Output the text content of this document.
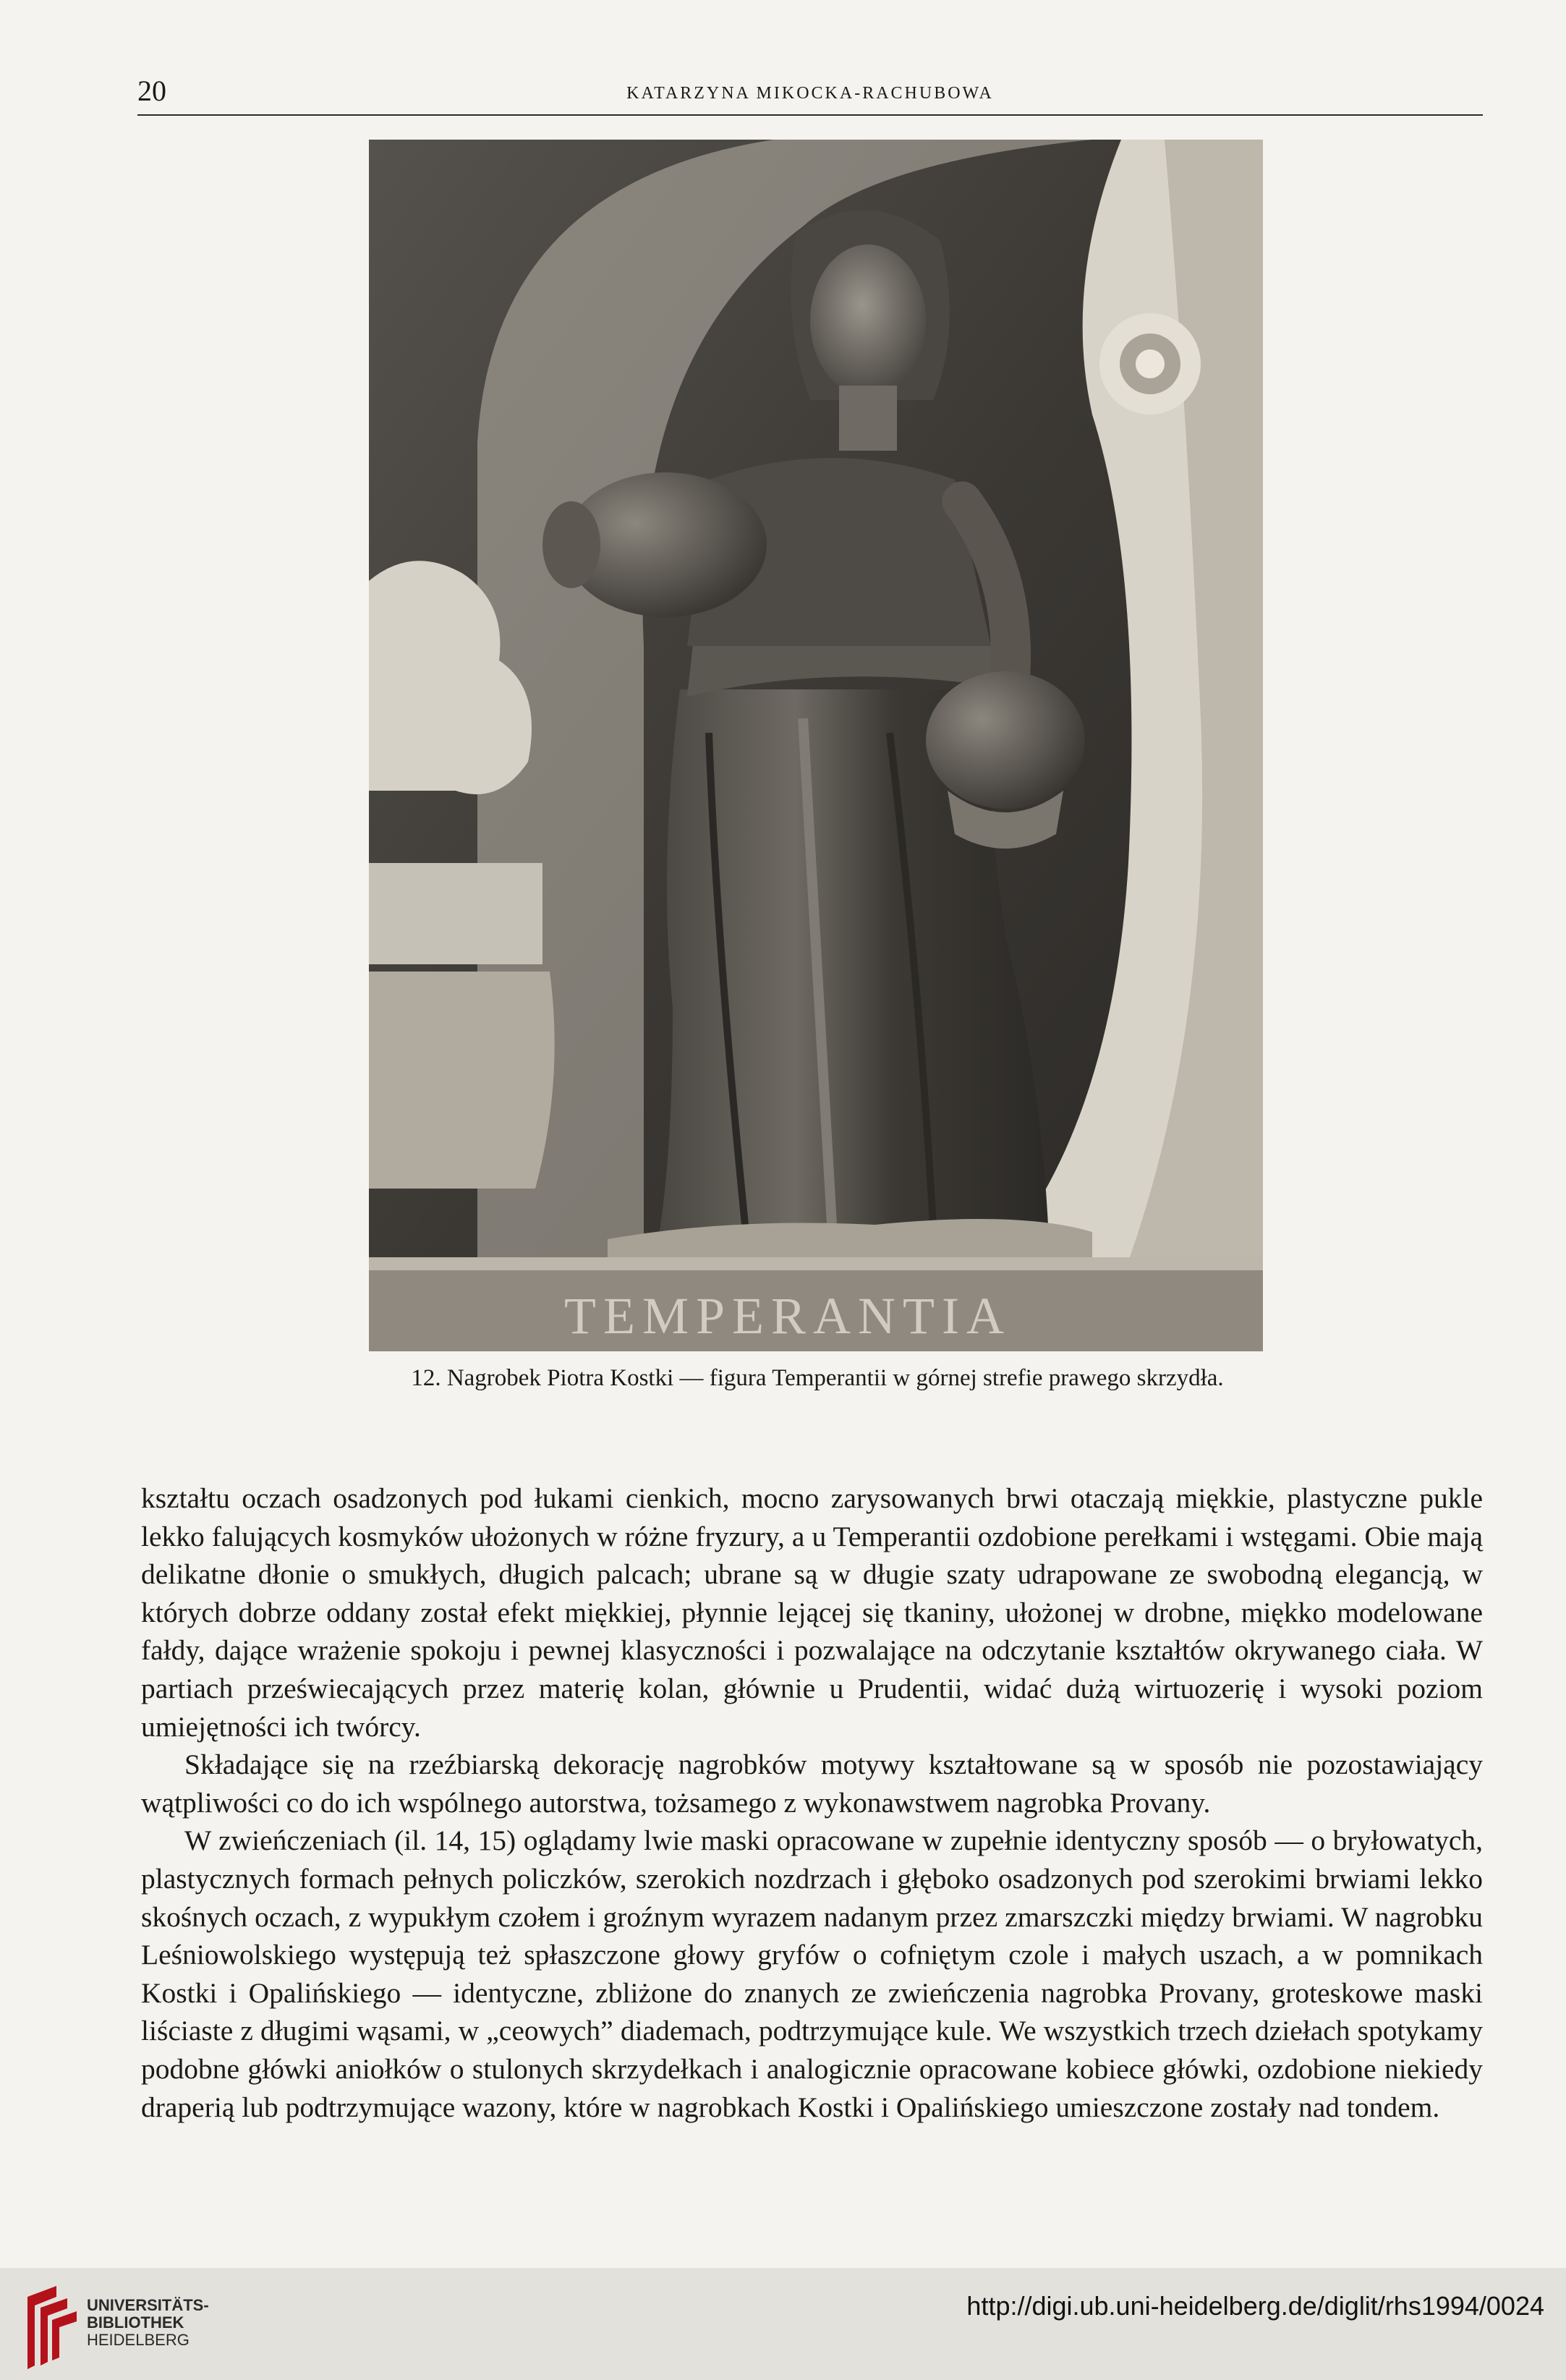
20	KATARZYNA MIKOCKA-RACHUBOWA
TEMPERANTIA
12. Nagrobek Piotra Kostki — figura Temperantii w górnej strefie prawego skrzydła.

kształtu oczach osadzonych pod łukami cienkich, mocno zarysowanych brwi otaczają miękkie, plastyczne pukle lekko falujących kosmyków ułożonych w różne fryzury, a u Temperantii ozdobione perełkami i wstęgami. Obie mają delikatne dłonie o smukłych, długich palcach; ubrane są w długie szaty udrapowane ze swobodną elegancją, w których dobrze oddany został efekt miękkiej, płynnie lejącej się tkaniny, ułożonej w drobne, miękko modelowane fałdy, dające wrażenie spokoju i pewnej klasyczności i pozwalające na odczytanie kształtów okrywanego ciała. W partiach przeświecających przez materię kolan, głównie u Prudentii, widać dużą wirtuozerię i wysoki poziom umiejętności ich twórcy.

Składające się na rzeźbiarską dekorację nagrobków motywy kształtowane są w sposób nie pozostawiający wątpliwości co do ich wspólnego autorstwa, tożsamego z wykonawstwem nagrobka Provany.

W zwieńczeniach (il. 14, 15) oglądamy lwie maski opracowane w zupełnie identyczny sposób — o bryłowatych, plastycznych formach pełnych policzków, szerokich nozdrzach i głęboko osadzonych pod szerokimi brwiami lekko skośnych oczach, z wypukłym czołem i groźnym wyrazem nadanym przez zmarszczki między brwiami. W nagrobku Leśniowolskiego występują też spłaszczone głowy gryfów o cofniętym czole i małych uszach, a w pomnikach Kostki i Opalińskiego — identyczne, zbliżone do znanych ze zwieńczenia nagrobka Provany, groteskowe maski liściaste z długimi wąsami, w „ceowych” diademach, podtrzymujące kule. We wszystkich trzech dziełach spotykamy podobne główki aniołków o stulonych skrzydełkach i analogicznie opracowane kobiece główki, ozdobione niekiedy draperią lub podtrzymujące wazony, które w nagrobkach Kostki i Opalińskiego umieszczone zostały nad tondem.

UNIVERSITÄTS-
BIBLIOTHEK
HEIDELBERG
http://digi.ub.uni-heidelberg.de/diglit/rhs1994/0024
